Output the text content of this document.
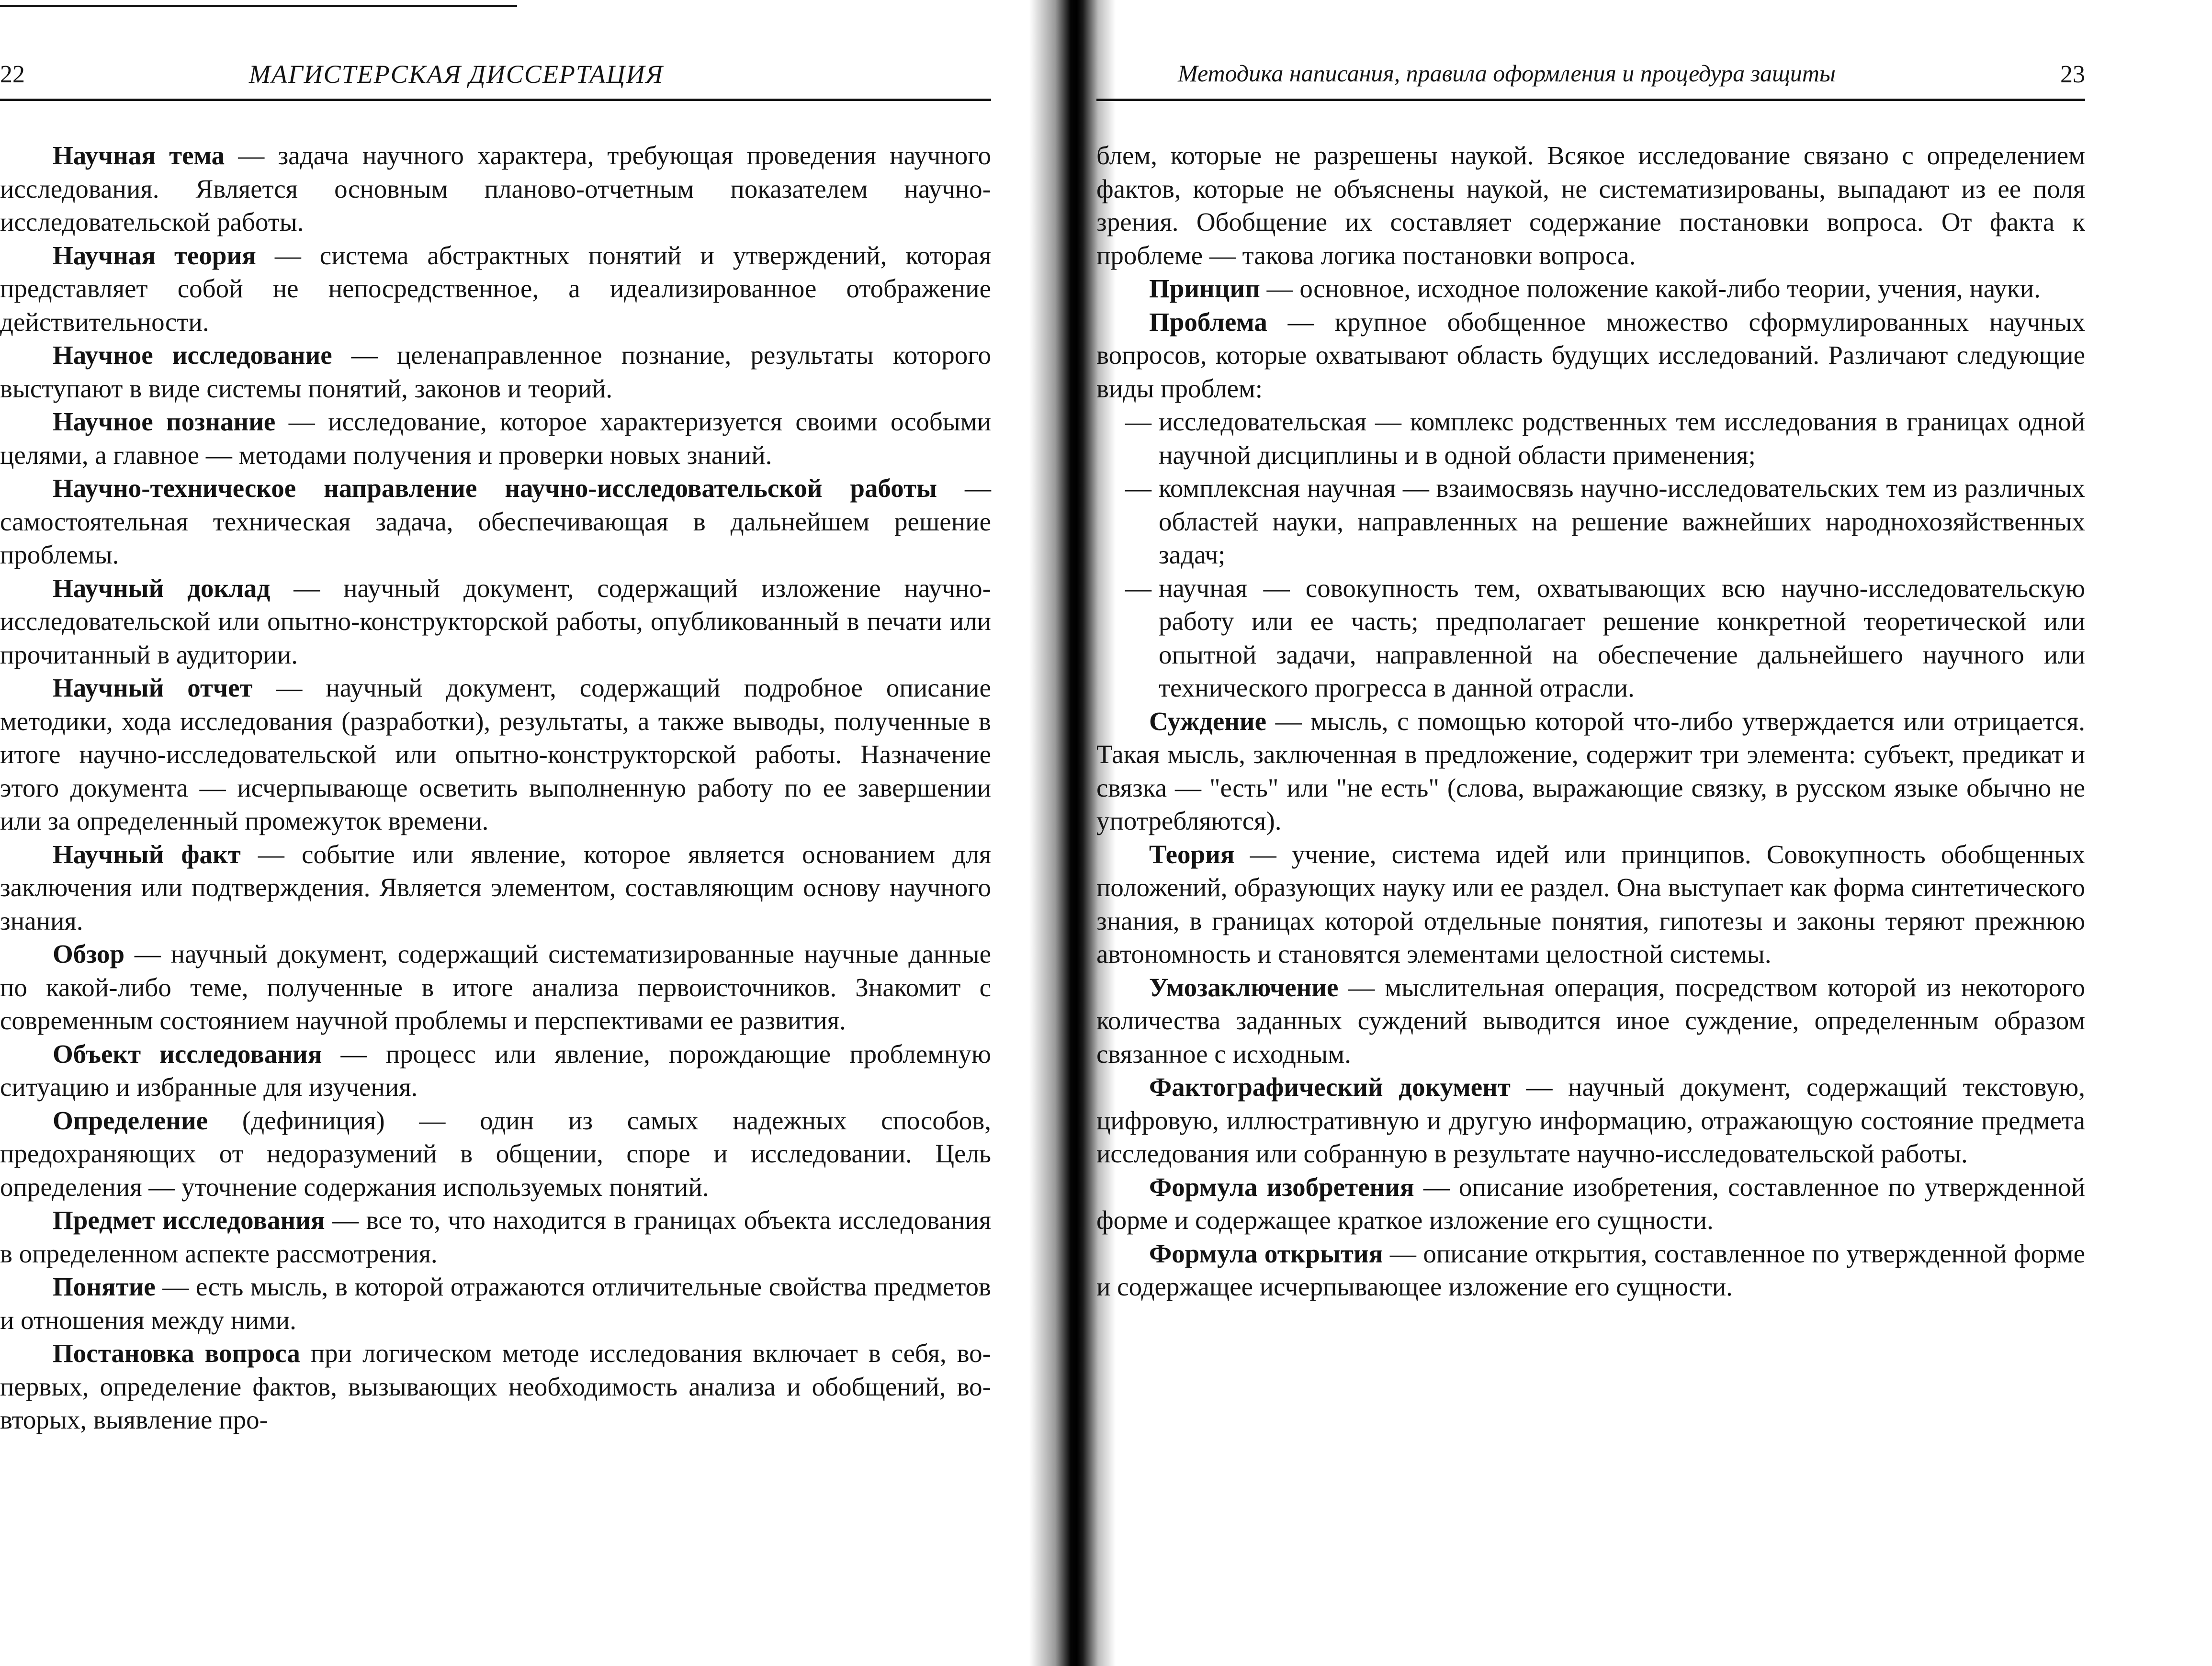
22	МАГИСТЕРСКАЯ ДИССЕРТАЦИЯ

Научная тема — задача научного характера, требующая проведения научного исследования. Является основным планово-отчетным показателем научно-исследовательской работы.

Научная теория — система абстрактных понятий и утверждений, которая представляет собой не непосредственное, а идеализированное отображение действительности.

Научное исследование — целенаправленное познание, результаты которого выступают в виде системы понятий, законов и теорий.

Научное познание — исследование, которое характеризуется своими особыми целями, а главное — методами получения и проверки новых знаний.

Научно-техническое направление научно-исследовательской работы — самостоятельная техническая задача, обеспечивающая в дальнейшем решение проблемы.

Научный доклад — научный документ, содержащий изложение научно-исследовательской или опытно-конструкторской работы, опубликованный в печати или прочитанный в аудитории.

Научный отчет — научный документ, содержащий подробное описание методики, хода исследования (разработки), результаты, а также выводы, полученные в итоге научно-исследовательской или опытно-конструкторской работы. Назначение этого документа — исчерпывающе осветить выполненную работу по ее завершении или за определенный промежуток времени.

Научный факт — событие или явление, которое является основанием для заключения или подтверждения. Является элементом, составляющим основу научного знания.

Обзор — научный документ, содержащий систематизированные научные данные по какой-либо теме, полученные в итоге анализа первоисточников. Знакомит с современным состоянием научной проблемы и перспективами ее развития.

Объект исследования — процесс или явление, порождающие проблемную ситуацию и избранные для изучения.

Определение (дефиниция) — один из самых надежных способов, предохраняющих от недоразумений в общении, споре и исследовании. Цель определения — уточнение содержания используемых понятий.

Предмет исследования — все то, что находится в границах объекта исследования в определенном аспекте рассмотрения.

Понятие — есть мысль, в которой отражаются отличительные свойства предметов и отношения между ними.

Постановка вопроса при логическом методе исследования включает в себя, во-первых, определение фактов, вызывающих необходимость анализа и обобщений, во-вторых, выявление про-

Методика написания, правила оформления и процедура защиты	23

блем, которые не разрешены наукой. Всякое исследование связано с определением фактов, которые не объяснены наукой, не систематизированы, выпадают из ее поля зрения. Обобщение их составляет содержание постановки вопроса. От факта к проблеме — такова логика постановки вопроса.

Принцип — основное, исходное положение какой-либо теории, учения, науки.

Проблема — крупное обобщенное множество сформулированных научных вопросов, которые охватывают область будущих исследований. Различают следующие виды проблем:

— исследовательская — комплекс родственных тем исследования в границах одной научной дисциплины и в одной области применения;
— комплексная научная — взаимосвязь научно-исследовательских тем из различных областей науки, направленных на решение важнейших народнохозяйственных задач;
— научная — совокупность тем, охватывающих всю научно-исследовательскую работу или ее часть; предполагает решение конкретной теоретической или опытной задачи, направленной на обеспечение дальнейшего научного или технического прогресса в данной отрасли.

Суждение — мысль, с помощью которой что-либо утверждается или отрицается. Такая мысль, заключенная в предложение, содержит три элемента: субъект, предикат и связка — "есть" или "не есть" (слова, выражающие связку, в русском языке обычно не употребляются).

Теория — учение, система идей или принципов. Совокупность обобщенных положений, образующих науку или ее раздел. Она выступает как форма синтетического знания, в границах которой отдельные понятия, гипотезы и законы теряют прежнюю автономность и становятся элементами целостной системы.

Умозаключение — мыслительная операция, посредством которой из некоторого количества заданных суждений выводится иное суждение, определенным образом связанное с исходным.

Фактографический документ — научный документ, содержащий текстовую, цифровую, иллюстративную и другую информацию, отражающую состояние предмета исследования или собранную в результате научно-исследовательской работы.

Формула изобретения — описание изобретения, составленное по утвержденной форме и содержащее краткое изложение его сущности.

Формула открытия — описание открытия, составленное по утвержденной форме и содержащее исчерпывающее изложение его сущности.
